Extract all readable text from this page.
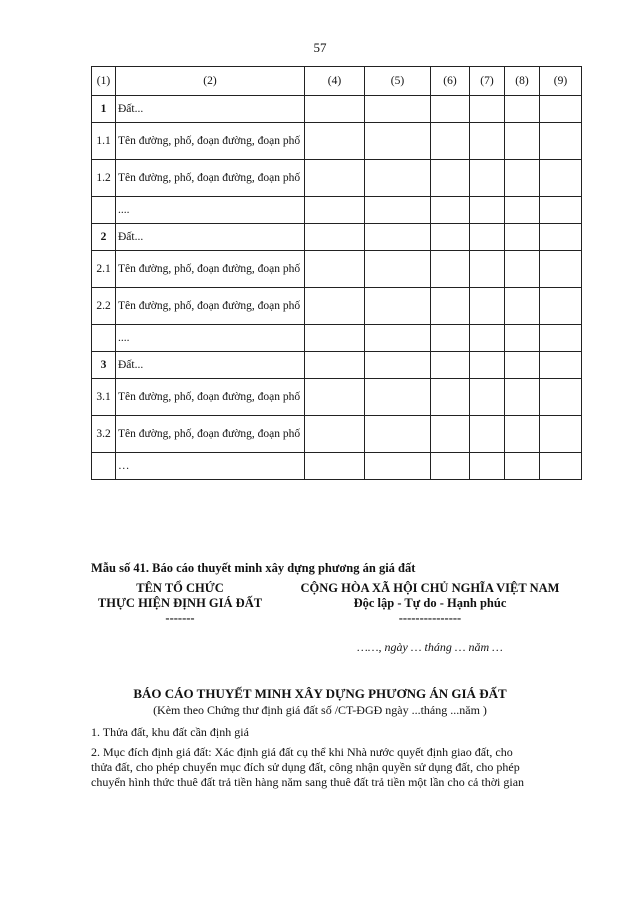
57
(1)	(2)	(4)	(5)	(6)	(7)	(8)	(9)
1	Đất...						
1.1	Tên đường, phố, đoạn đường, đoạn phố						
1.2	Tên đường, phố, đoạn đường, đoạn phố						
	....						
2	Đất...						
2.1	Tên đường, phố, đoạn đường, đoạn phố						
2.2	Tên đường, phố, đoạn đường, đoạn phố						
	....						
3	Đất...						
3.1	Tên đường, phố, đoạn đường, đoạn phố						
3.2	Tên đường, phố, đoạn đường, đoạn phố						
	…						
Mẫu số 41. Báo cáo thuyết minh xây dựng phương án giá đất
TÊN TỔ CHỨC
THỰC HIỆN ĐỊNH GIÁ ĐẤT
-------
CỘNG HÒA XÃ HỘI CHỦ NGHĨA VIỆT NAM
Độc lập - Tự do - Hạnh phúc
---------------
……, ngày … tháng … năm …
BÁO CÁO THUYẾT MINH XÂY DỰNG PHƯƠNG ÁN GIÁ ĐẤT
(Kèm theo Chứng thư định giá đất số /CT-ĐGĐ ngày ...tháng ...năm )
1. Thửa đất, khu đất cần định giá
2. Mục đích định giá đất: Xác định giá đất cụ thể khi Nhà nước quyết định giao đất, cho
thửa đất, cho phép chuyển mục đích sử dụng đất, công nhận quyền sử dụng đất, cho phép
chuyển hình thức thuê đất trả tiền hàng năm sang thuê đất trả tiền một lần cho cả thời gian
